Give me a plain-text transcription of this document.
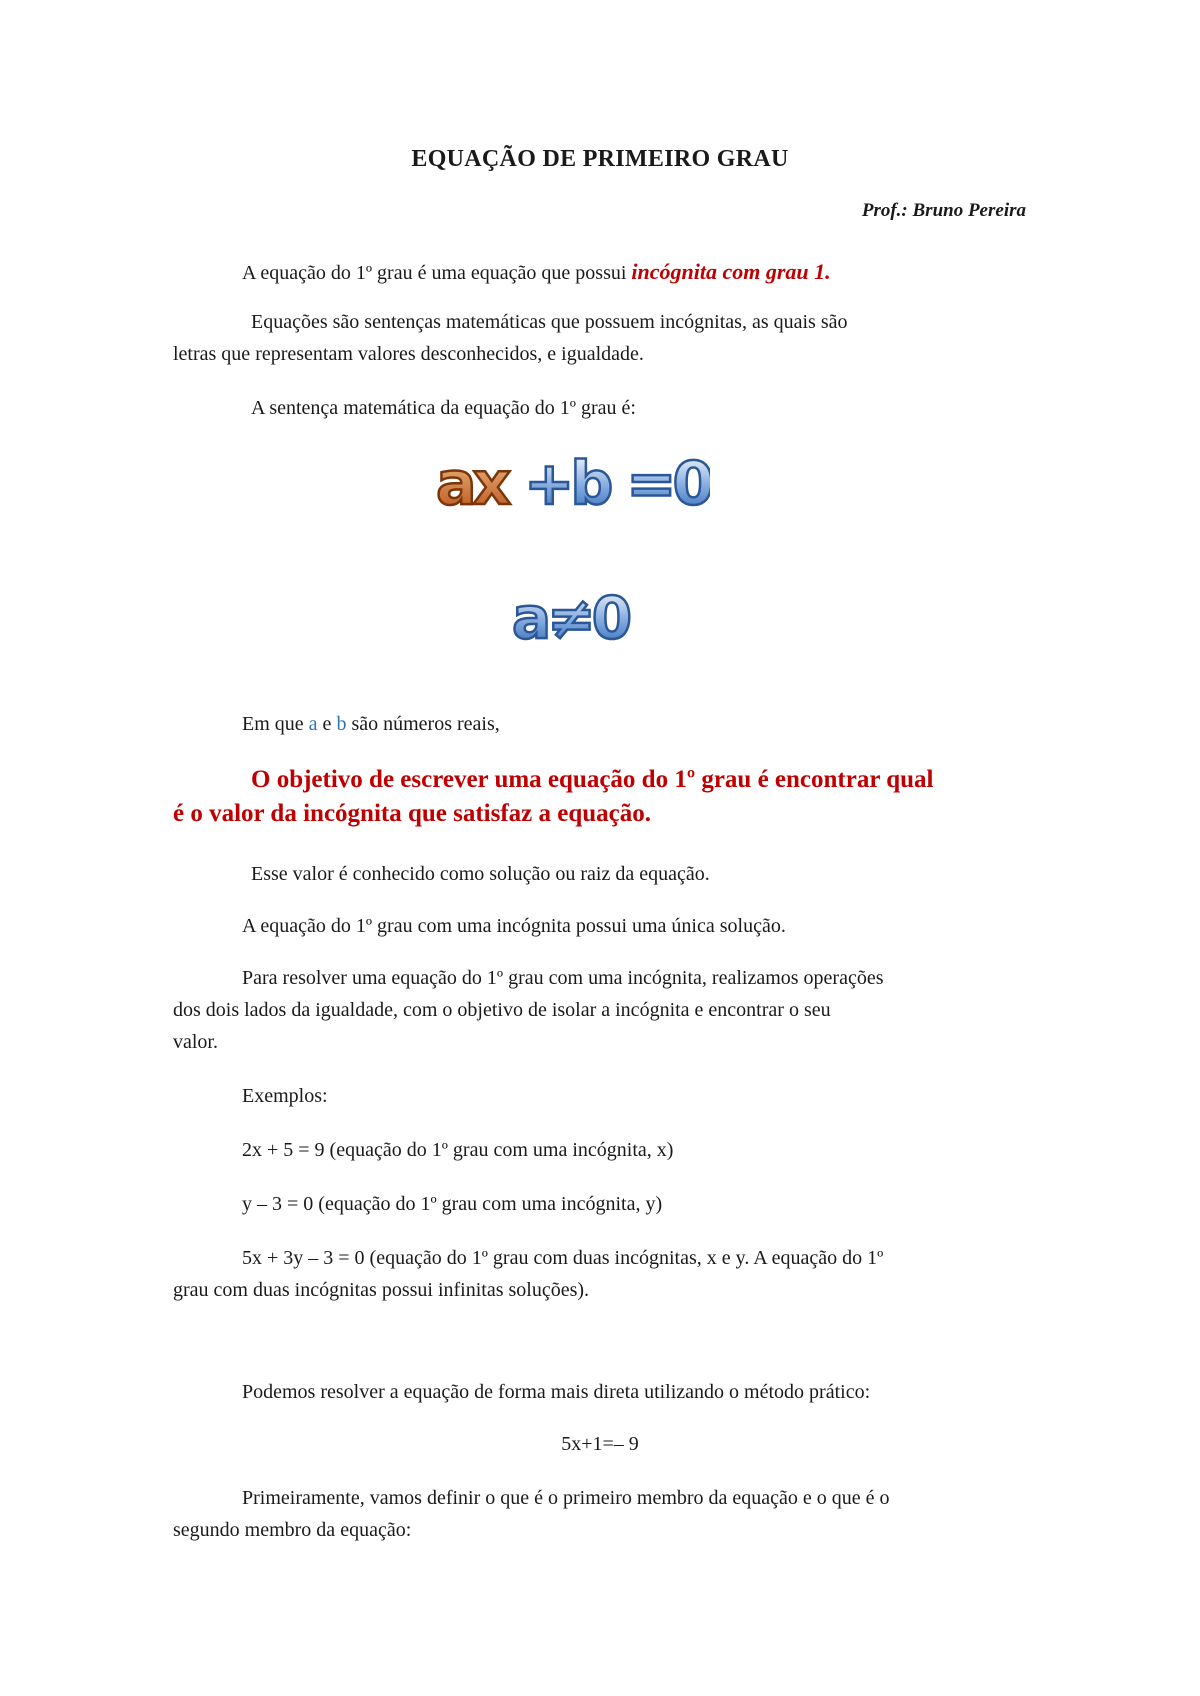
EQUAÇÃO DE PRIMEIRO GRAU
Prof.: Bruno Pereira
A equação do 1º grau é uma equação que possui incógnita com grau 1.
Equações são sentenças matemáticas que possuem incógnitas, as quais são
letras que representam valores desconhecidos, e igualdade.
A sentença matemática da equação do 1º grau é:
ax +b =0
a≠0
Em que a e b são números reais,
O objetivo de escrever uma equação do 1º grau é encontrar qual
é o valor da incógnita que satisfaz a equação.
Esse valor é conhecido como solução ou raiz da equação.
A equação do 1º grau com uma incógnita possui uma única solução.
Para resolver uma equação do 1º grau com uma incógnita, realizamos operações
dos dois lados da igualdade, com o objetivo de isolar a incógnita e encontrar o seu
valor.
Exemplos:
2x + 5 = 9 (equação do 1º grau com uma incógnita, x)
y – 3 = 0 (equação do 1º grau com uma incógnita, y)
5x + 3y – 3 = 0 (equação do 1º grau com duas incógnitas, x e y. A equação do 1º
grau com duas incógnitas possui infinitas soluções).
Podemos resolver a equação de forma mais direta utilizando o método prático:
5x+1=– 9
Primeiramente, vamos definir o que é o primeiro membro da equação e o que é o
segundo membro da equação:
